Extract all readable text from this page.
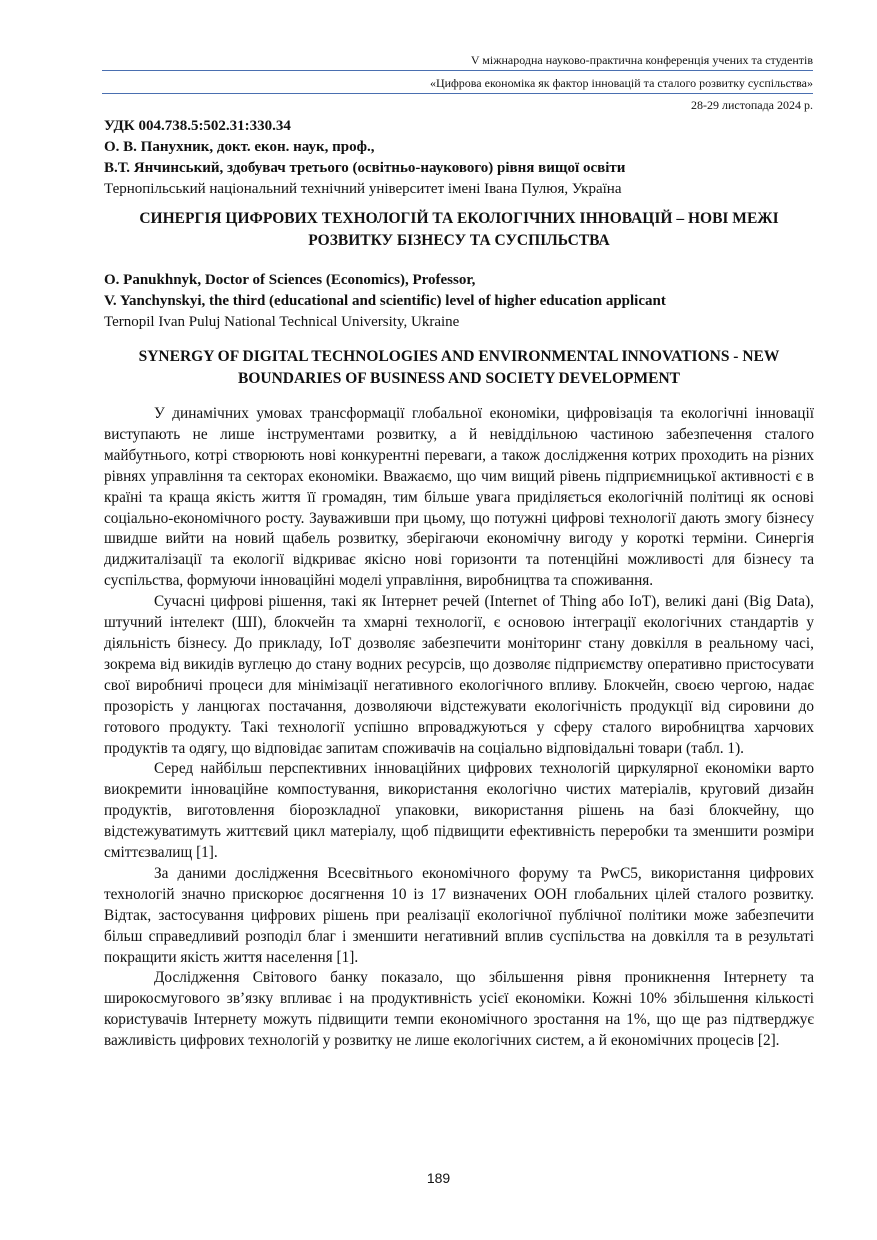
V міжнародна науково-практична конференція учених та студентів
«Цифрова економіка як фактор інновацій та сталого розвитку суспільства»
28-29 листопада 2024 р.
УДК 004.738.5:502.31:330.34
О. В. Панухник, докт. екон. наук, проф.,
В.Т. Янчинський, здобувач третього (освітньо-наукового) рівня вищої освіти
Тернопільський національний технічний університет імені Івана Пулюя, Україна
СИНЕРГІЯ ЦИФРОВИХ ТЕХНОЛОГІЙ ТА ЕКОЛОГІЧНИХ ІННОВАЦІЙ – НОВІ МЕЖІ РОЗВИТКУ БІЗНЕСУ ТА СУСПІЛЬСТВА
O. Panukhnyk, Doctor of Sciences (Economics), Professor,
V. Yanchynskyi, the third (educational and scientific) level of higher education applicant
Ternopil Ivan Puluj National Technical University, Ukraine
SYNERGY OF DIGITAL TECHNOLOGIES AND ENVIRONMENTAL INNOVATIONS - NEW BOUNDARIES OF BUSINESS AND SOCIETY DEVELOPMENT

У динамічних умовах трансформації глобальної економіки, цифровізація та екологічні інновації виступають не лише інструментами розвитку, а й невіддільною частиною забезпечення сталого майбутнього, котрі створюють нові конкурентні переваги, а також дослідження котрих проходить на різних рівнях управління та секторах економіки. Вважаємо, що чим вищий рівень підприємницької активності є в країні та краща якість життя її громадян, тим більше увага приділяється екологічній політиці як основі соціально-економічного росту. Зауваживши при цьому, що потужні цифрові технології дають змогу бізнесу швидше вийти на новий щабель розвитку, зберігаючи економічну вигоду у короткі терміни. Синергія диджиталізації та екології відкриває якісно нові горизонти та потенційні можливості для бізнесу та суспільства, формуючи інноваційні моделі управління, виробництва та споживання.

Сучасні цифрові рішення, такі як Інтернет речей (Internet of Thing або IoT), великі дані (Big Data), штучний інтелект (ШІ), блокчейн та хмарні технології, є основою інтеграції екологічних стандартів у діяльність бізнесу. До прикладу, IoT дозволяє забезпечити моніторинг стану довкілля в реальному часі, зокрема від викидів вуглецю до стану водних ресурсів, що дозволяє підприємству оперативно пристосувати свої виробничі процеси для мінімізації негативного екологічного впливу. Блокчейн, своєю чергою, надає прозорість у ланцюгах постачання, дозволяючи відстежувати екологічність продукції від сировини до готового продукту. Такі технології успішно впроваджуються у сферу сталого виробництва харчових продуктів та одягу, що відповідає запитам споживачів на соціально відповідальні товари (табл. 1).

Серед найбільш перспективних інноваційних цифрових технологій циркулярної економіки варто виокремити інноваційне компостування, використання екологічно чистих матеріалів, круговий дизайн продуктів, виготовлення біорозкладної упаковки, використання рішень на базі блокчейну, що відстежуватимуть життєвий цикл матеріалу, щоб підвищити ефективність переробки та зменшити розміри сміттєзвалищ [1].

За даними дослідження Всесвітнього економічного форуму та PwC5, використання цифрових технологій значно прискорює досягнення 10 із 17 визначених ООН глобальних цілей сталого розвитку. Відтак, застосування цифрових рішень при реалізації екологічної публічної політики може забезпечити більш справедливий розподіл благ і зменшити негативний вплив суспільства на довкілля та в результаті покращити якість життя населення [1].

Дослідження Світового банку показало, що збільшення рівня проникнення Інтернету та широкосмугового зв’язку впливає і на продуктивність усієї економіки. Кожні 10% збільшення кількості користувачів Інтернету можуть підвищити темпи економічного зростання на 1%, що ще раз підтверджує важливість цифрових технологій у розвитку не лише екологічних систем, а й економічних процесів [2].

189
